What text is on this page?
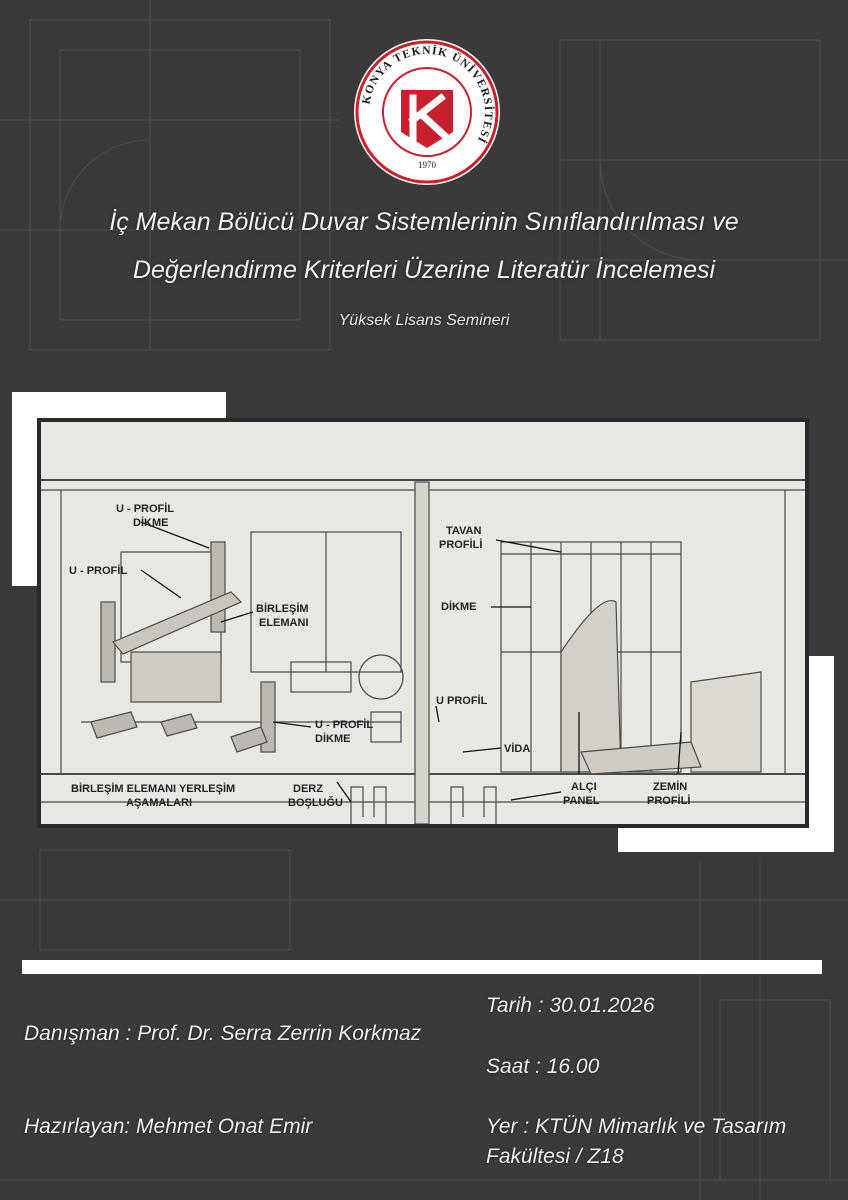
KONYA TEKNİK ÜNİVERSİTESİ
1970
İç Mekan Bölücü Duvar Sistemlerinin Sınıflandırılması ve
Değerlendirme Kriterleri Üzerine Literatür İncelemesi
Yüksek Lisans Semineri
U - PROFİL
DİKME
U - PROFİL
BİRLEŞİM
ELEMANI
U - PROFİL
DİKME
BİRLEŞİM ELEMANI YERLEŞİM
AŞAMALARI
DERZ
BOŞLUĞU
TAVAN
PROFİLİ
DİKME
U PROFİL
VİDA
ALÇI
PANEL
ZEMİN
PROFİLİ
Danışman : Prof. Dr. Serra Zerrin Korkmaz
Hazırlayan: Mehmet Onat Emir
Tarih : 30.01.2026
Saat : 16.00
Yer : KTÜN Mimarlık ve Tasarım
Fakültesi / Z18
